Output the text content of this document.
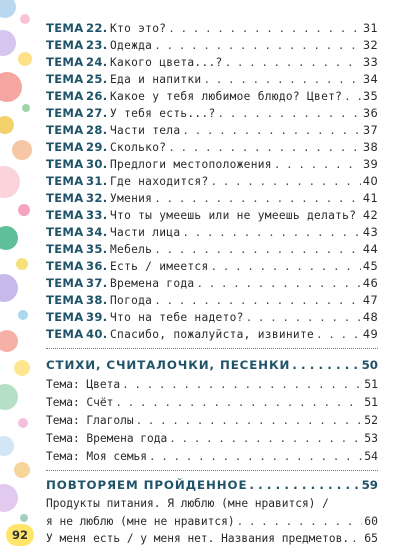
ТЕМА 22. Кто это? . . .	31
ТЕМА 23. Одежда . . .	32
ТЕМА 24. Какого цвета...? . . .	33
ТЕМА 25. Еда и напитки . . .	34
ТЕМА 26. Какое у тебя любимое блюдо? Цвет? . . . 35
ТЕМА 27. У тебя есть...? . . .	36
ТЕМА 28. Части тела . . .	37
ТЕМА 29. Сколько? . . .	38
ТЕМА 30. Предлоги местоположения . . .	39
ТЕМА 31. Где находится? . . .	40
ТЕМА 32. Умения . . .	41
ТЕМА 33. Что ты умеешь или не умеешь делать? . . . 42
ТЕМА 34. Части лица . . .	43
ТЕМА 35. Мебель . . .	44
ТЕМА 36. Есть / имеется . . .	45
ТЕМА 37. Времена года . . .	46
ТЕМА 38. Погода . . .	47
ТЕМА 39. Что на тебе надето? . . .	48
ТЕМА 40. Спасибо, пожалуйста, извините . . .	49
СТИХИ, СЧИТАЛОЧКИ, ПЕСЕНКИ . . .	50
Тема: Цвета . . .	51
Тема: Счёт . . .	51
Тема: Глаголы . . .	52
Тема: Времена года . . .	53
Тема: Моя семья . . .	54
ПОВТОРЯЕМ ПРОЙДЕННОЕ . . .	59
Продукты питания. Я люблю (мне нравится) /
я не люблю (мне не нравится) . . .	60
У меня есть / у меня нет. Названия предметов. . . . 65
92
